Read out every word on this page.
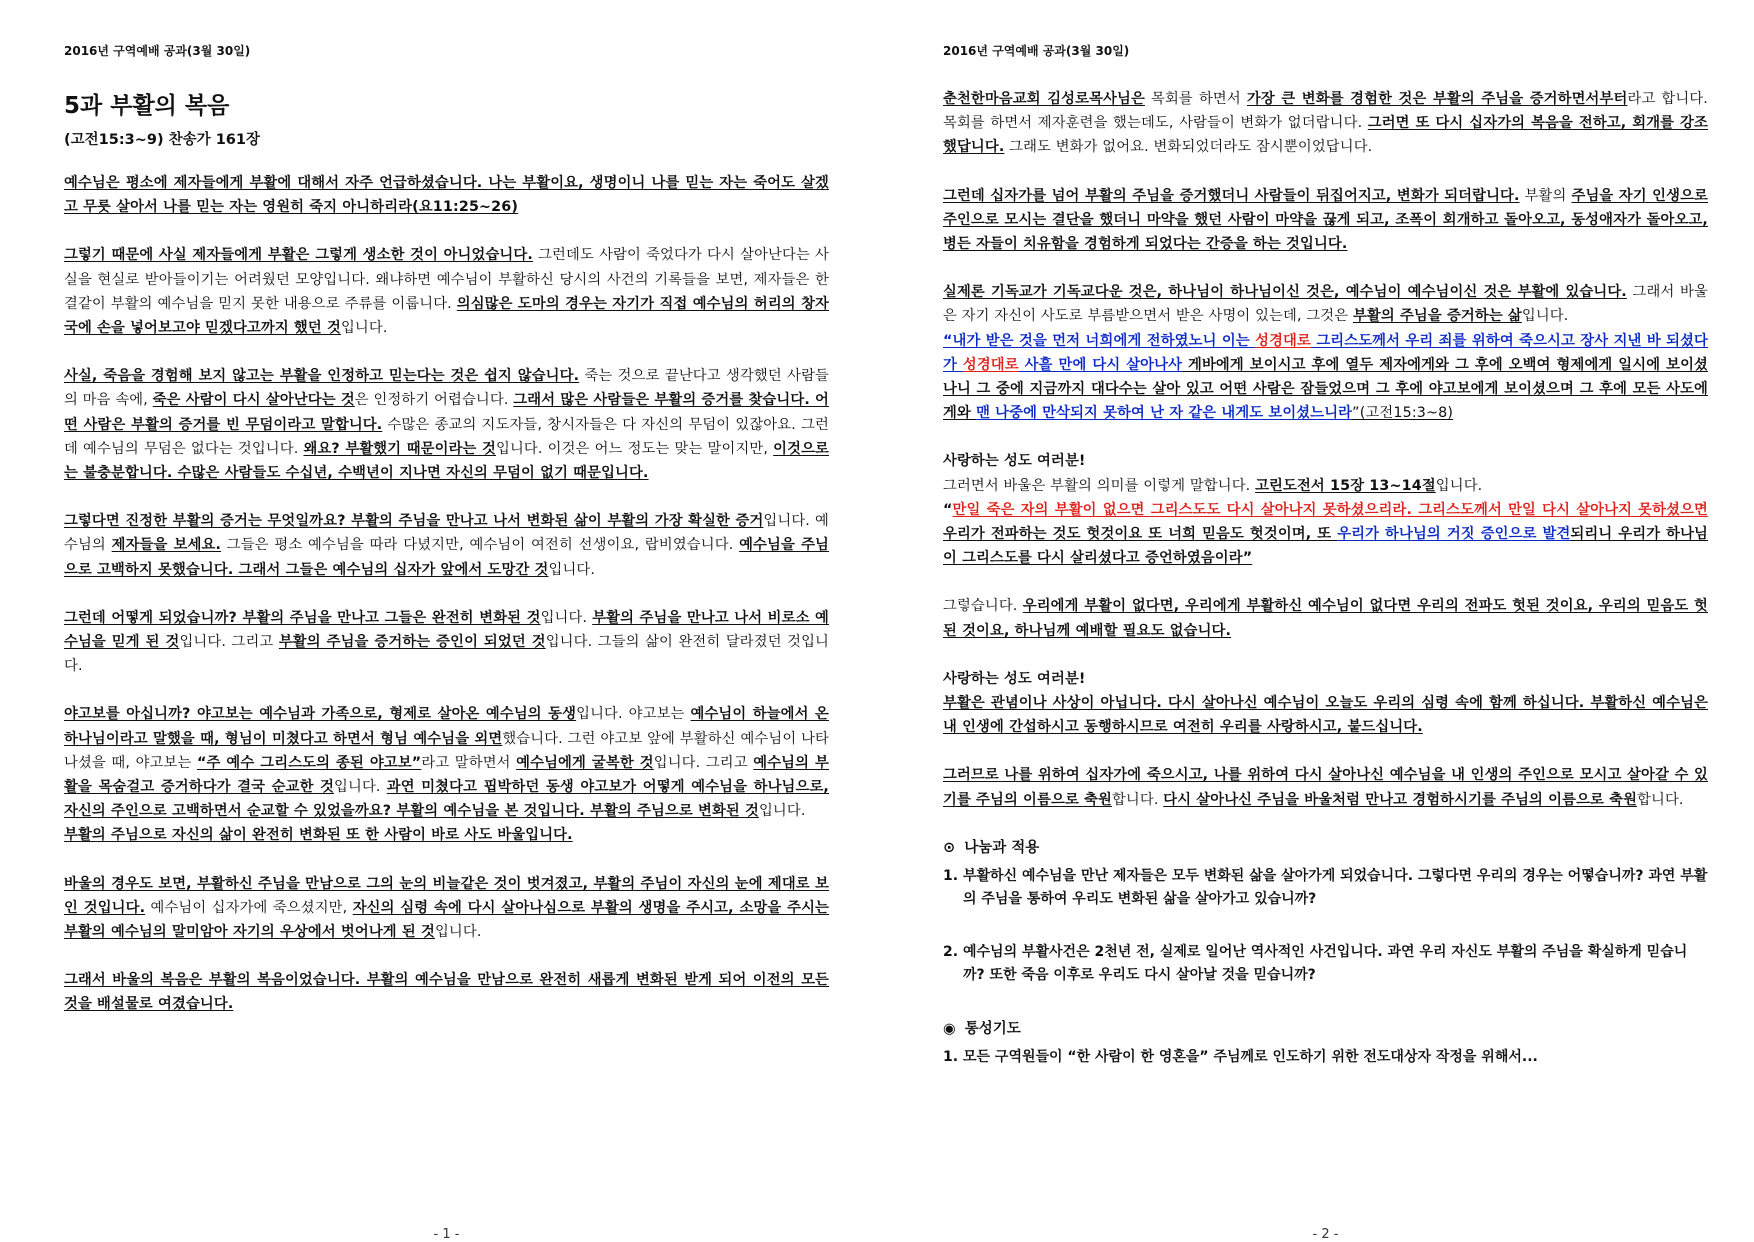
2016년 구역예배 공과(3월 30일)
5과 부활의 복음
(고전15:3~9) 찬송가 161장

예수님은 평소에 제자들에게 부활에 대해서 자주 언급하셨습니다. 나는 부활이요, 생명이니 나를 믿는 자는 죽어도 살겠고 무릇 살아서 나를 믿는 자는 영원히 죽지 아니하리라(요11:25~26)

그렇기 때문에 사실 제자들에게 부활은 그렇게 생소한 것이 아니었습니다. 그런데도 사람이 죽었다가 다시 살아난다는 사실을 현실로 받아들이기는 어려웠던 모양입니다. 왜냐하면 예수님이 부활하신 당시의 사건의 기록들을 보면, 제자들은 한결같이 부활의 예수님을 믿지 못한 내용으로 주류를 이룹니다. 의심많은 도마의 경우는 자기가 직접 예수님의 허리의 창자국에 손을 넣어보고야 믿겠다고까지 했던 것입니다.

사실, 죽음을 경험해 보지 않고는 부활을 인정하고 믿는다는 것은 쉽지 않습니다. 죽는 것으로 끝난다고 생각했던 사람들의 마음 속에, 죽은 사람이 다시 살아난다는 것은 인정하기 어렵습니다. 그래서 많은 사람들은 부활의 증거를 찾습니다. 어떤 사람은 부활의 증거를 빈 무덤이라고 말합니다. 수많은 종교의 지도자들, 창시자들은 다 자신의 무덤이 있잖아요. 그런데 예수님의 무덤은 없다는 것입니다. 왜요? 부활했기 때문이라는 것입니다. 이것은 어느 정도는 맞는 말이지만, 이것으로는 불충분합니다. 수많은 사람들도 수십년, 수백년이 지나면 자신의 무덤이 없기 때문입니다.

그렇다면 진정한 부활의 증거는 무엇일까요? 부활의 주님을 만나고 나서 변화된 삶이 부활의 가장 확실한 증거입니다. 예수님의 제자들을 보세요. 그들은 평소 예수님을 따라 다녔지만, 예수님이 여전히 선생이요, 랍비였습니다. 예수님을 주님으로 고백하지 못했습니다. 그래서 그들은 예수님의 십자가 앞에서 도망간 것입니다.

그런데 어떻게 되었습니까? 부활의 주님을 만나고 그들은 완전히 변화된 것입니다. 부활의 주님을 만나고 나서 비로소 예수님을 믿게 된 것입니다. 그리고 부활의 주님을 증거하는 증인이 되었던 것입니다. 그들의 삶이 완전히 달라졌던 것입니다.

야고보를 아십니까? 야고보는 예수님과 가족으로, 형제로 살아온 예수님의 동생입니다. 야고보는 예수님이 하늘에서 온 하나님이라고 말했을 때, 형님이 미쳤다고 하면서 형님 예수님을 외면했습니다. 그런 야고보 앞에 부활하신 예수님이 나타나셨을 때, 야고보는 “주 예수 그리스도의 종된 야고보”라고 말하면서 예수님에게 굴복한 것입니다. 그리고 예수님의 부활을 목숨걸고 증거하다가 결국 순교한 것입니다. 과연 미쳤다고 핍박하던 동생 야고보가 어떻게 예수님을 하나님으로, 자신의 주인으로 고백하면서 순교할 수 있었을까요? 부활의 예수님을 본 것입니다. 부활의 주님으로 변화된 것입니다.
부활의 주님으로 자신의 삶이 완전히 변화된 또 한 사람이 바로 사도 바울입니다.

바울의 경우도 보면, 부활하신 주님을 만남으로 그의 눈의 비늘같은 것이 벗겨졌고, 부활의 주님이 자신의 눈에 제대로 보인 것입니다. 예수님이 십자가에 죽으셨지만, 자신의 심령 속에 다시 살아나심으로 부활의 생명을 주시고, 소망을 주시는 부활의 예수님의 말미암아 자기의 우상에서 벗어나게 된 것입니다.

그래서 바울의 복음은 부활의 복음이었습니다. 부활의 예수님을 만남으로 완전히 새롭게 변화된 받게 되어 이전의 모든 것을 배설물로 여겼습니다.

- 1 -
2016년 구역예배 공과(3월 30일)

춘천한마음교회 김성로목사님은 목회를 하면서 가장 큰 변화를 경험한 것은 부활의 주님을 증거하면서부터라고 합니다. 목회를 하면서 제자훈련을 했는데도, 사람들이 변화가 없더랍니다. 그러면 또 다시 십자가의 복음을 전하고, 회개를 강조했답니다. 그래도 변화가 없어요. 변화되었더라도 잠시뿐이었답니다.

그런데 십자가를 넘어 부활의 주님을 증거했더니 사람들이 뒤집어지고, 변화가 되더랍니다. 부활의 주님을 자기 인생으로 주인으로 모시는 결단을 했더니 마약을 했던 사람이 마약을 끊게 되고, 조폭이 회개하고 돌아오고, 동성애자가 돌아오고, 병든 자들이 치유함을 경험하게 되었다는 간증을 하는 것입니다.

실제론 기독교가 기독교다운 것은, 하나님이 하나님이신 것은, 예수님이 예수님이신 것은 부활에 있습니다. 그래서 바울은 자기 자신이 사도로 부름받으면서 받은 사명이 있는데, 그것은 부활의 주님을 증거하는 삶입니다.
“내가 받은 것을 먼저 너희에게 전하였노니 이는 성경대로 그리스도께서 우리 죄를 위하여 죽으시고 장사 지낸 바 되셨다가 성경대로 사흘 만에 다시 살아나사 게바에게 보이시고 후에 열두 제자에게와 그 후에 오백여 형제에게 일시에 보이셨나니 그 중에 지금까지 대다수는 살아 있고 어떤 사람은 잠들었으며 그 후에 야고보에게 보이셨으며 그 후에 모든 사도에게와 맨 나중에 만삭되지 못하여 난 자 같은 내게도 보이셨느니라”(고전15:3~8)

사랑하는 성도 여러분!
그러면서 바울은 부활의 의미를 이렇게 말합니다. 고린도전서 15장 13~14절입니다.
“만일 죽은 자의 부활이 없으면 그리스도도 다시 살아나지 못하셨으리라. 그리스도께서 만일 다시 살아나지 못하셨으면 우리가 전파하는 것도 헛것이요 또 너희 믿음도 헛것이며, 또 우리가 하나님의 거짓 증인으로 발견되리니 우리가 하나님이 그리스도를 다시 살리셨다고 증언하였음이라”

그렇습니다. 우리에게 부활이 없다면, 우리에게 부활하신 예수님이 없다면 우리의 전파도 헛된 것이요, 우리의 믿음도 헛된 것이요, 하나님께 예배할 필요도 없습니다.

사랑하는 성도 여러분!
부활은 관념이나 사상이 아닙니다. 다시 살아나신 예수님이 오늘도 우리의 심령 속에 함께 하십니다. 부활하신 예수님은 내 인생에 간섭하시고 동행하시므로 여전히 우리를 사랑하시고, 붙드십니다.

그러므로 나를 위하여 십자가에 죽으시고, 나를 위하여 다시 살아나신 예수님을 내 인생의 주인으로 모시고 살아갈 수 있기를 주님의 이름으로 축원합니다. 다시 살아나신 주님을 바울처럼 만나고 경험하시기를 주님의 이름으로 축원합니다.

⊙ 나눔과 적용
1. 부활하신 예수님을 만난 제자들은 모두 변화된 삶을 살아가게 되었습니다. 그렇다면 우리의 경우는 어떻습니까? 과연 부활의 주님을 통하여 우리도 변화된 삶을 살아가고 있습니까?
2. 예수님의 부활사건은 2천년 전, 실제로 일어난 역사적인 사건입니다. 과연 우리 자신도 부활의 주님을 확실하게 믿습니까? 또한 죽음 이후로 우리도 다시 살아날 것을 믿습니까?
◉ 통성기도
1. 모든 구역원들이 “한 사람이 한 영혼을” 주님께로 인도하기 위한 전도대상자 작정을 위해서...
- 2 -
